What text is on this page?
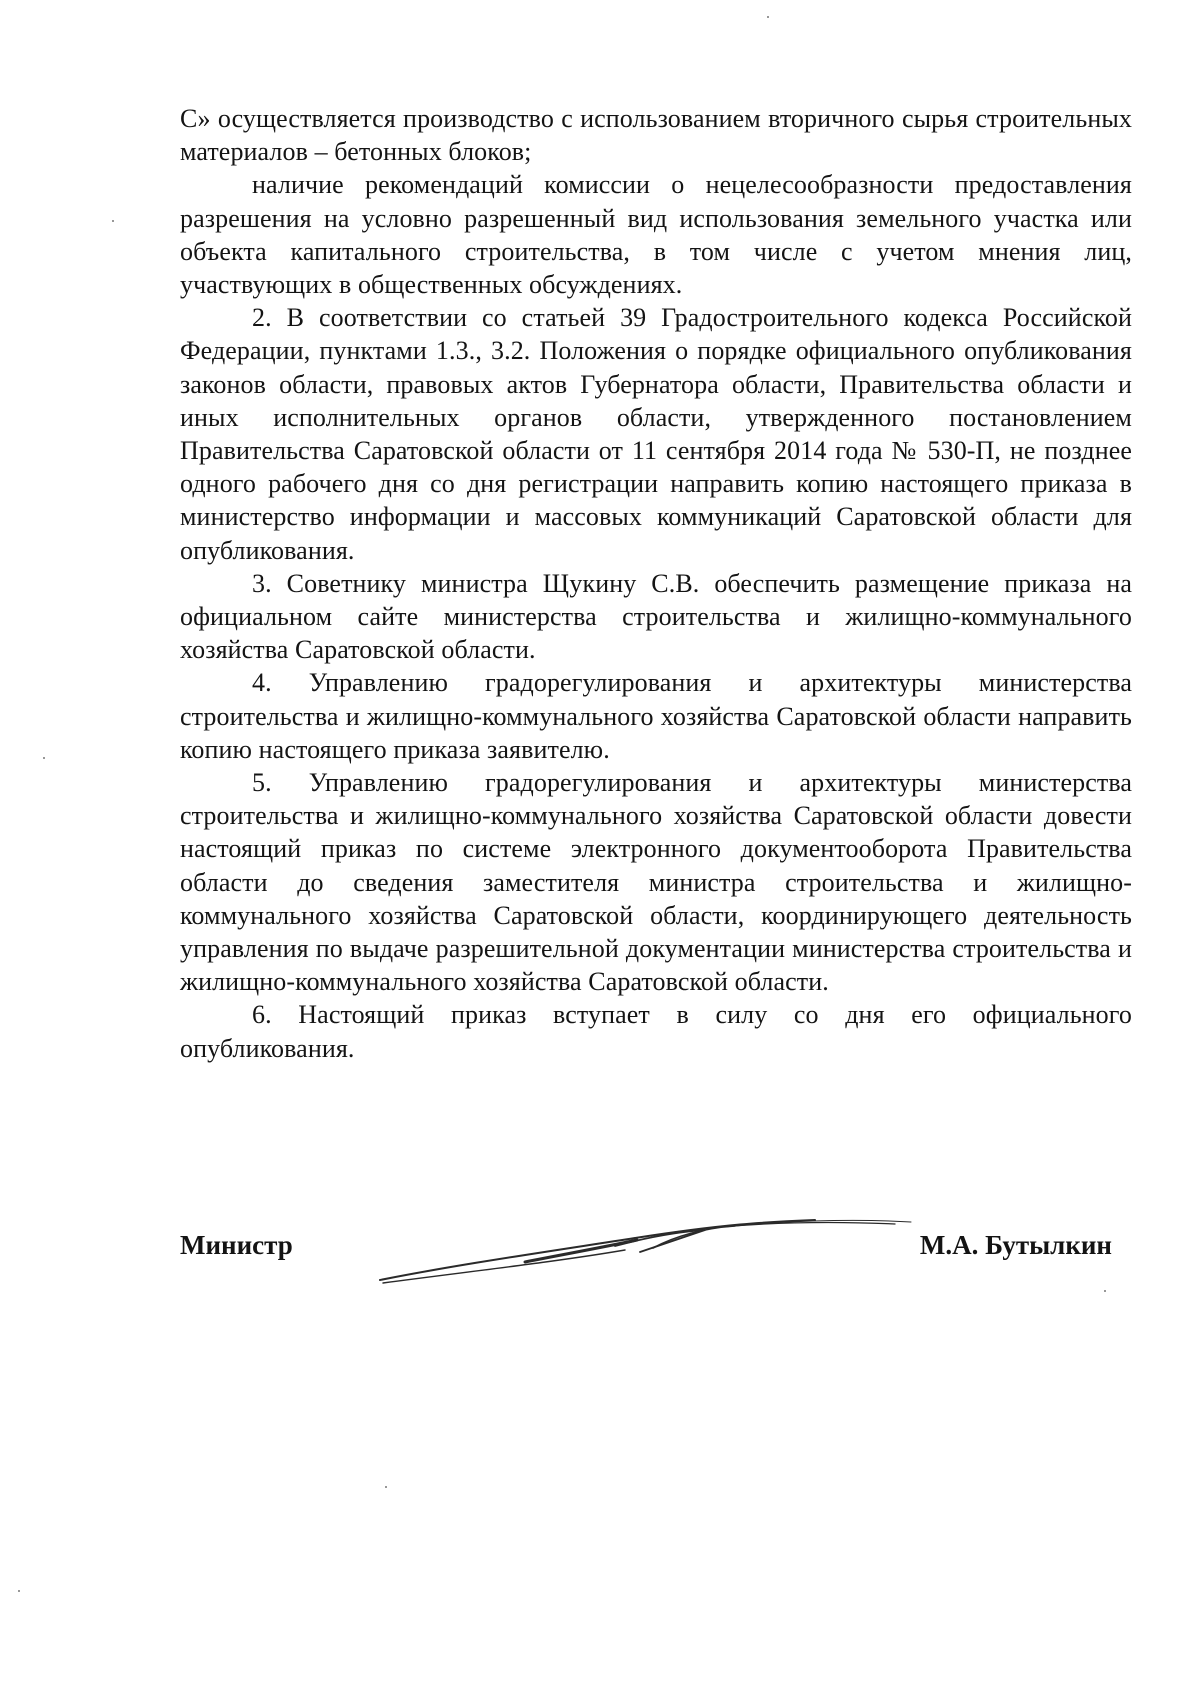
С» осуществляется производство с использованием вторичного сырья строительных материалов – бетонных блоков;

наличие рекомендаций комиссии о нецелесообразности предоставления разрешения на условно разрешенный вид использования земельного участка или объекта капитального строительства, в том числе с учетом мнения лиц, участвующих в общественных обсуждениях.

2. В соответствии со статьей 39 Градостроительного кодекса Российской Федерации, пунктами 1.3., 3.2. Положения о порядке официального опубликования законов области, правовых актов Губернатора области, Правительства области и иных исполнительных органов области, утвержденного постановлением Правительства Саратовской области от 11 сентября 2014 года № 530-П, не позднее одного рабочего дня со дня регистрации направить копию настоящего приказа в министерство информации и массовых коммуникаций Саратовской области для опубликования.

3. Советнику министра Щукину С.В. обеспечить размещение приказа на официальном сайте министерства строительства и жилищно-коммунального хозяйства Саратовской области.

4. Управлению градорегулирования и архитектуры министерства строительства и жилищно-коммунального хозяйства Саратовской области направить копию настоящего приказа заявителю.

5. Управлению градорегулирования и архитектуры министерства строительства и жилищно-коммунального хозяйства Саратовской области довести настоящий приказ по системе электронного документооборота Правительства области до сведения заместителя министра строительства и жилищно-коммунального хозяйства Саратовской области, координирующего деятельность управления по выдаче разрешительной документации министерства строительства и жилищно-коммунального хозяйства Саратовской области.

6. Настоящий приказ вступает в силу со дня его официального опубликования.

Министр	М.А. Бутылкин
